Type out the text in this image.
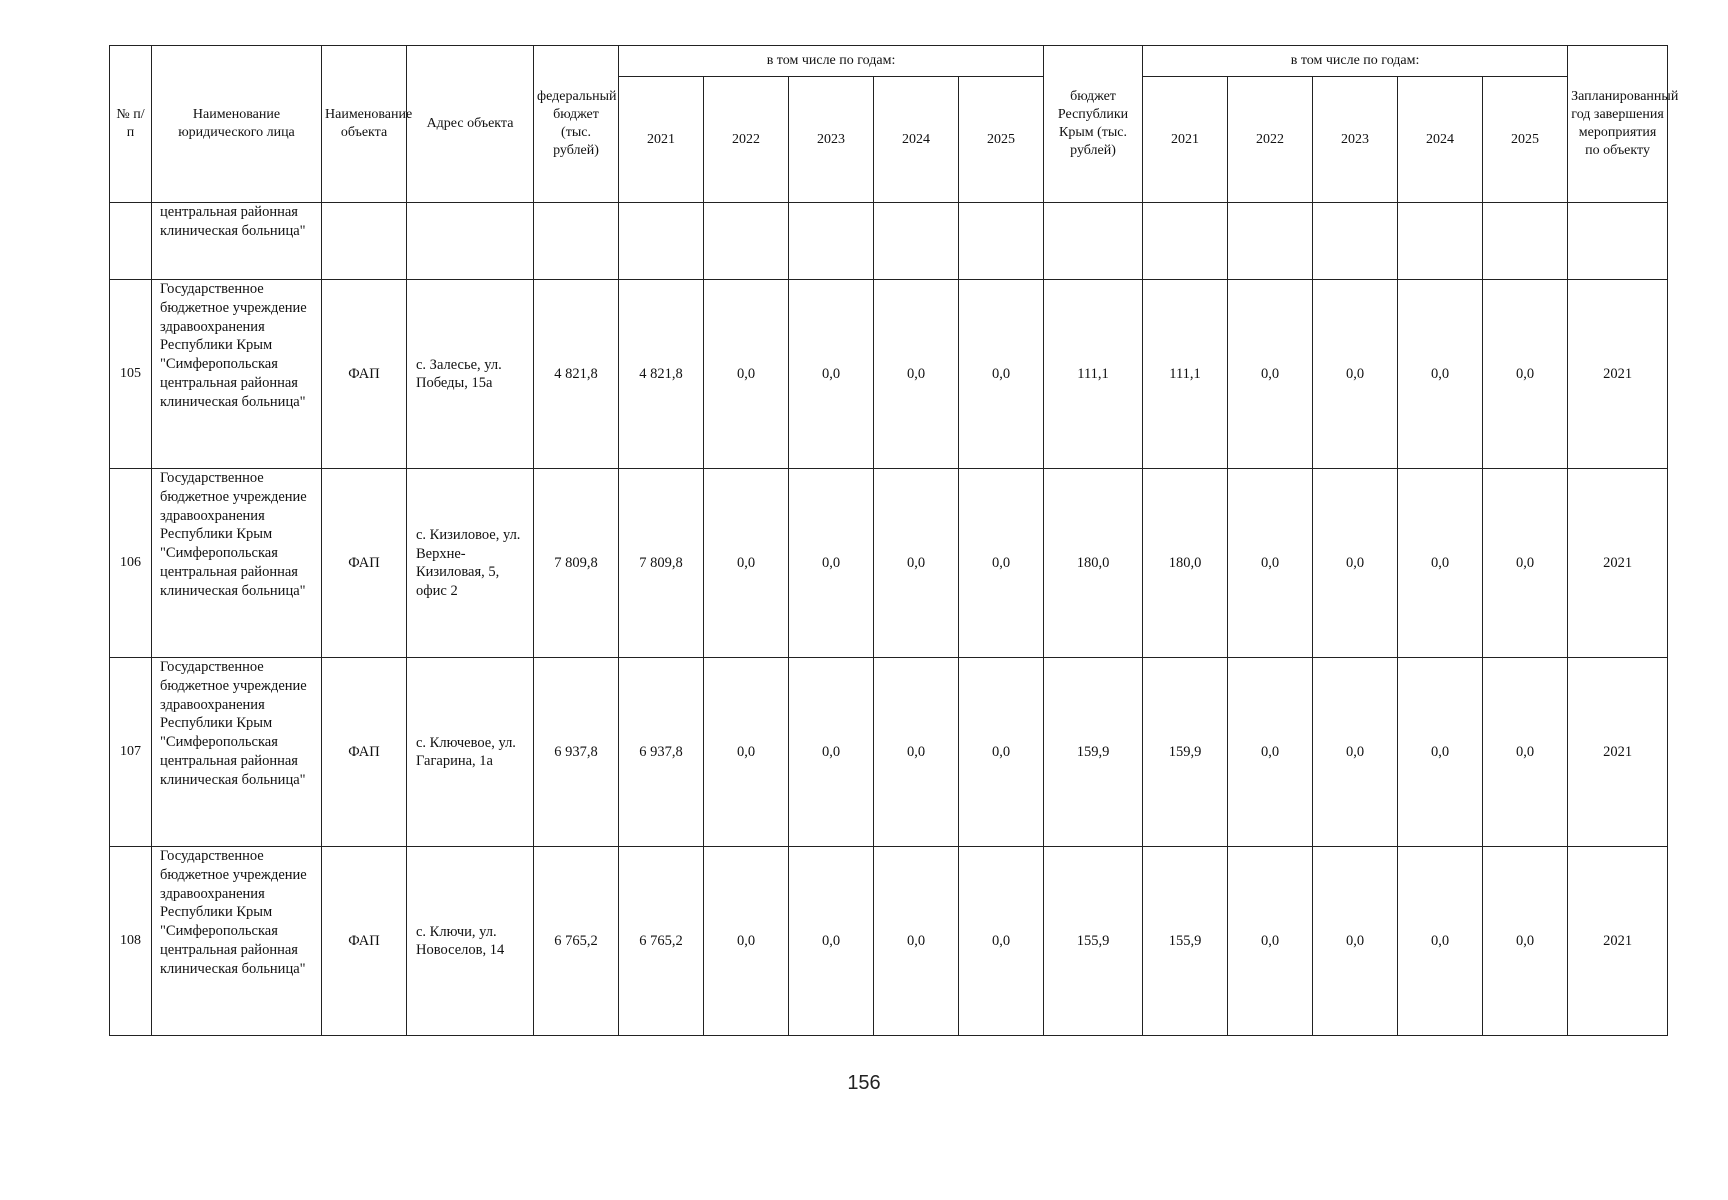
№ п/п	Наименование юридического лица	Наименование объекта	Адрес объекта	федеральный бюджет (тыс. рублей)	в том числе по годам:					бюджет Республики Крым (тыс. рублей)	в том числе по годам:					Запланированный год завершения мероприятия по объекту
					2021	2022	2023	2024	2025		2021	2022	2023	2024	2025	
	центральная районная клиническая больница"															
105	Государственное бюджетное учреждение здравоохранения Республики Крым "Симферопольская центральная районная клиническая больница"	ФАП	с. Залесье, ул. Победы, 15а	4 821,8	4 821,8	0,0	0,0	0,0	0,0	111,1	111,1	0,0	0,0	0,0	0,0	2021
106	Государственное бюджетное учреждение здравоохранения Республики Крым "Симферопольская центральная районная клиническая больница"	ФАП	с. Кизиловое, ул. Верхне-Кизиловая, 5, офис 2	7 809,8	7 809,8	0,0	0,0	0,0	0,0	180,0	180,0	0,0	0,0	0,0	0,0	2021
107	Государственное бюджетное учреждение здравоохранения Республики Крым "Симферопольская центральная районная клиническая больница"	ФАП	с. Ключевое, ул. Гагарина, 1а	6 937,8	6 937,8	0,0	0,0	0,0	0,0	159,9	159,9	0,0	0,0	0,0	0,0	2021
108	Государственное бюджетное учреждение здравоохранения Республики Крым "Симферопольская центральная районная клиническая больница"	ФАП	с. Ключи, ул. Новоселов, 14	6 765,2	6 765,2	0,0	0,0	0,0	0,0	155,9	155,9	0,0	0,0	0,0	0,0	2021
156
